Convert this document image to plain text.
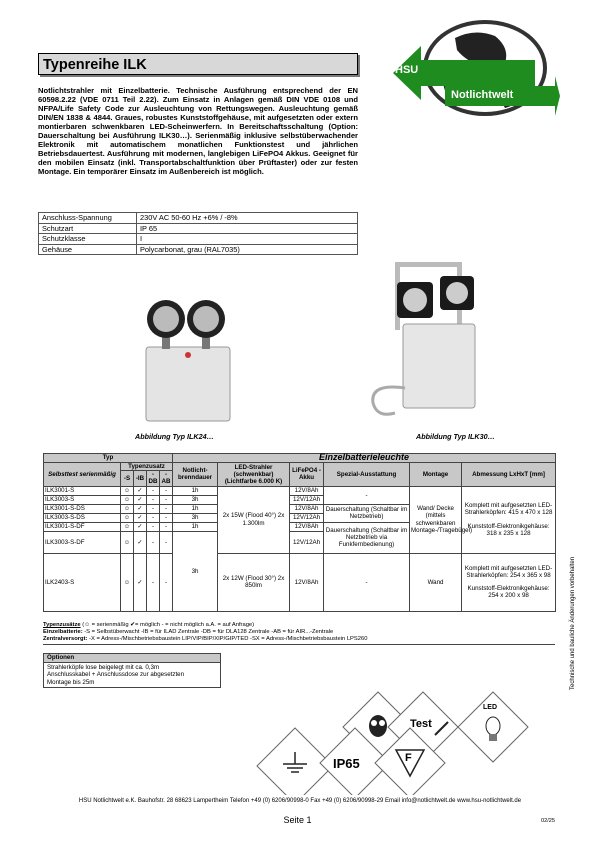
Typenreihe ILK	HSU
Notlichtwelt
Notlichtstrahler mit Einzelbatterie. Technische Ausführung entsprechend der EN 60598.2.22 (VDE 0711 Teil 2.22). Zum Einsatz in Anlagen gemäß DIN VDE 0108 und NFPA/Life Safety Code zur Ausleuchtung von Rettungswegen. Ausleuchtung gemäß DIN/EN 1838 & 4844. Graues, robustes Kunststoffgehäuse, mit aufgesetzten oder extern montierbaren schwenkbaren LED-Scheinwerfern. In Bereitschaftsschaltung (Option: Dauerschaltung bei Ausführung ILK30…). Serienmäßig inklusive selbstüberwachender Elektronik mit automatischem monatlichen Funktionstest und jährlichen Betriebsdauertest. Ausführung mit modernen, langlebigen LiFePO4 Akkus. Geeignet für den mobilen Einsatz (inkl. Transportabschaltfunktion über Prüftaster) oder zur festen Montage. Ein temporärer Einsatz im Außenbereich ist möglich.
Anschluss-Spannung	230V AC 50-60 Hz +6% / -8%
Schutzart	IP 65
Schutzklasse	I
Gehäuse	Polycarbonat, grau (RAL7035)
Abbildung Typ ILK24…	Abbildung Typ ILK30…
Typ					Einzelbatterieleuchte					
Selbsttest serienmäßig	Typenzusatz				Notlicht-brenndauer	LED-Strahler (schwenkbar) (Lichtfarbe 6.000 K)	LiFePO4 -Akku	Spezial-Ausstattung	Montage	Abmessung LxHxT [mm]
	-S	-IB	-DB	-AB						
ILK3001-S	☺	✓	-	-	1h	2x 15W (Flood 40°) 2x 1.300lm	12V/8Ah	-	Wand/ Decke (mittels schwenkbaren Montage-/Tragebügel)	Komplett mit aufgesetzten LED-Strahlerköpfen: 415 x 470 x 128
Kunststoff-Elektronikgehäuse: 318 x 235 x 128

ILK3003-S	☺	✓	-	-	3h		12V/12Ah			
ILK3001-S-DS	☺	✓	-	-	1h		12V/8Ah	Dauerschaltung (Schaltbar im Netzbetrieb)		
ILK3003-S-DS	☺	✓	-	-	3h		12V/12Ah			
ILK3001-S-DF	☺	✓	-	-	1h		12V/8Ah	Dauerschaltung (Schaltbar im Netzbetrieb via Funkfernbedienung)		
ILK3003-S-DF	☺	✓	-	-	3h		12V/12Ah			
ILK2403-S	☺	✓	-	-		2x 12W (Flood 30°) 2x 850lm	12V/8Ah	-	Wand	Komplett mit aufgesetzten LED-Strahlerköpfen: 254 x 365 x 98
Kunststoff-Elektronikgehäuse: 254 x 200 x 98
Typenzusätze (☺ = serienmäßig ✔= möglich - = nicht möglich a.A. = auf Anfrage)
Einzelbatterie: -S = Selbstüberwacht -IB = für ILAD Zentrale -DB = für DLA128 Zentrale -AB = für AIR...-Zentrale
Zentralversorgt: -X = Adress-/Mischbetriebsbaustein LIP/VIP/BIP/XIP/GIP/TED -SX = Adress-/Mischbetriebsbaustein LPS260
Optionen
Strahlerköpfe lose beigelegt mit ca. 0,3m
Anschlusskabel + Anschlussdose zur abgesetzten
Montage bis 25m
Test
LED
IP65	F
HSU Notlichtwelt e.K. Bauhofstr. 28 68623 Lampertheim Telefon +49 (0) 6206/90998-0 Fax +49 (0) 6206/90998-29 Email info@notlichtwelt.de www.hsu-notlichtwelt.de
Seite 1	02/25
Technische und bauliche Änderungen vorbehalten
